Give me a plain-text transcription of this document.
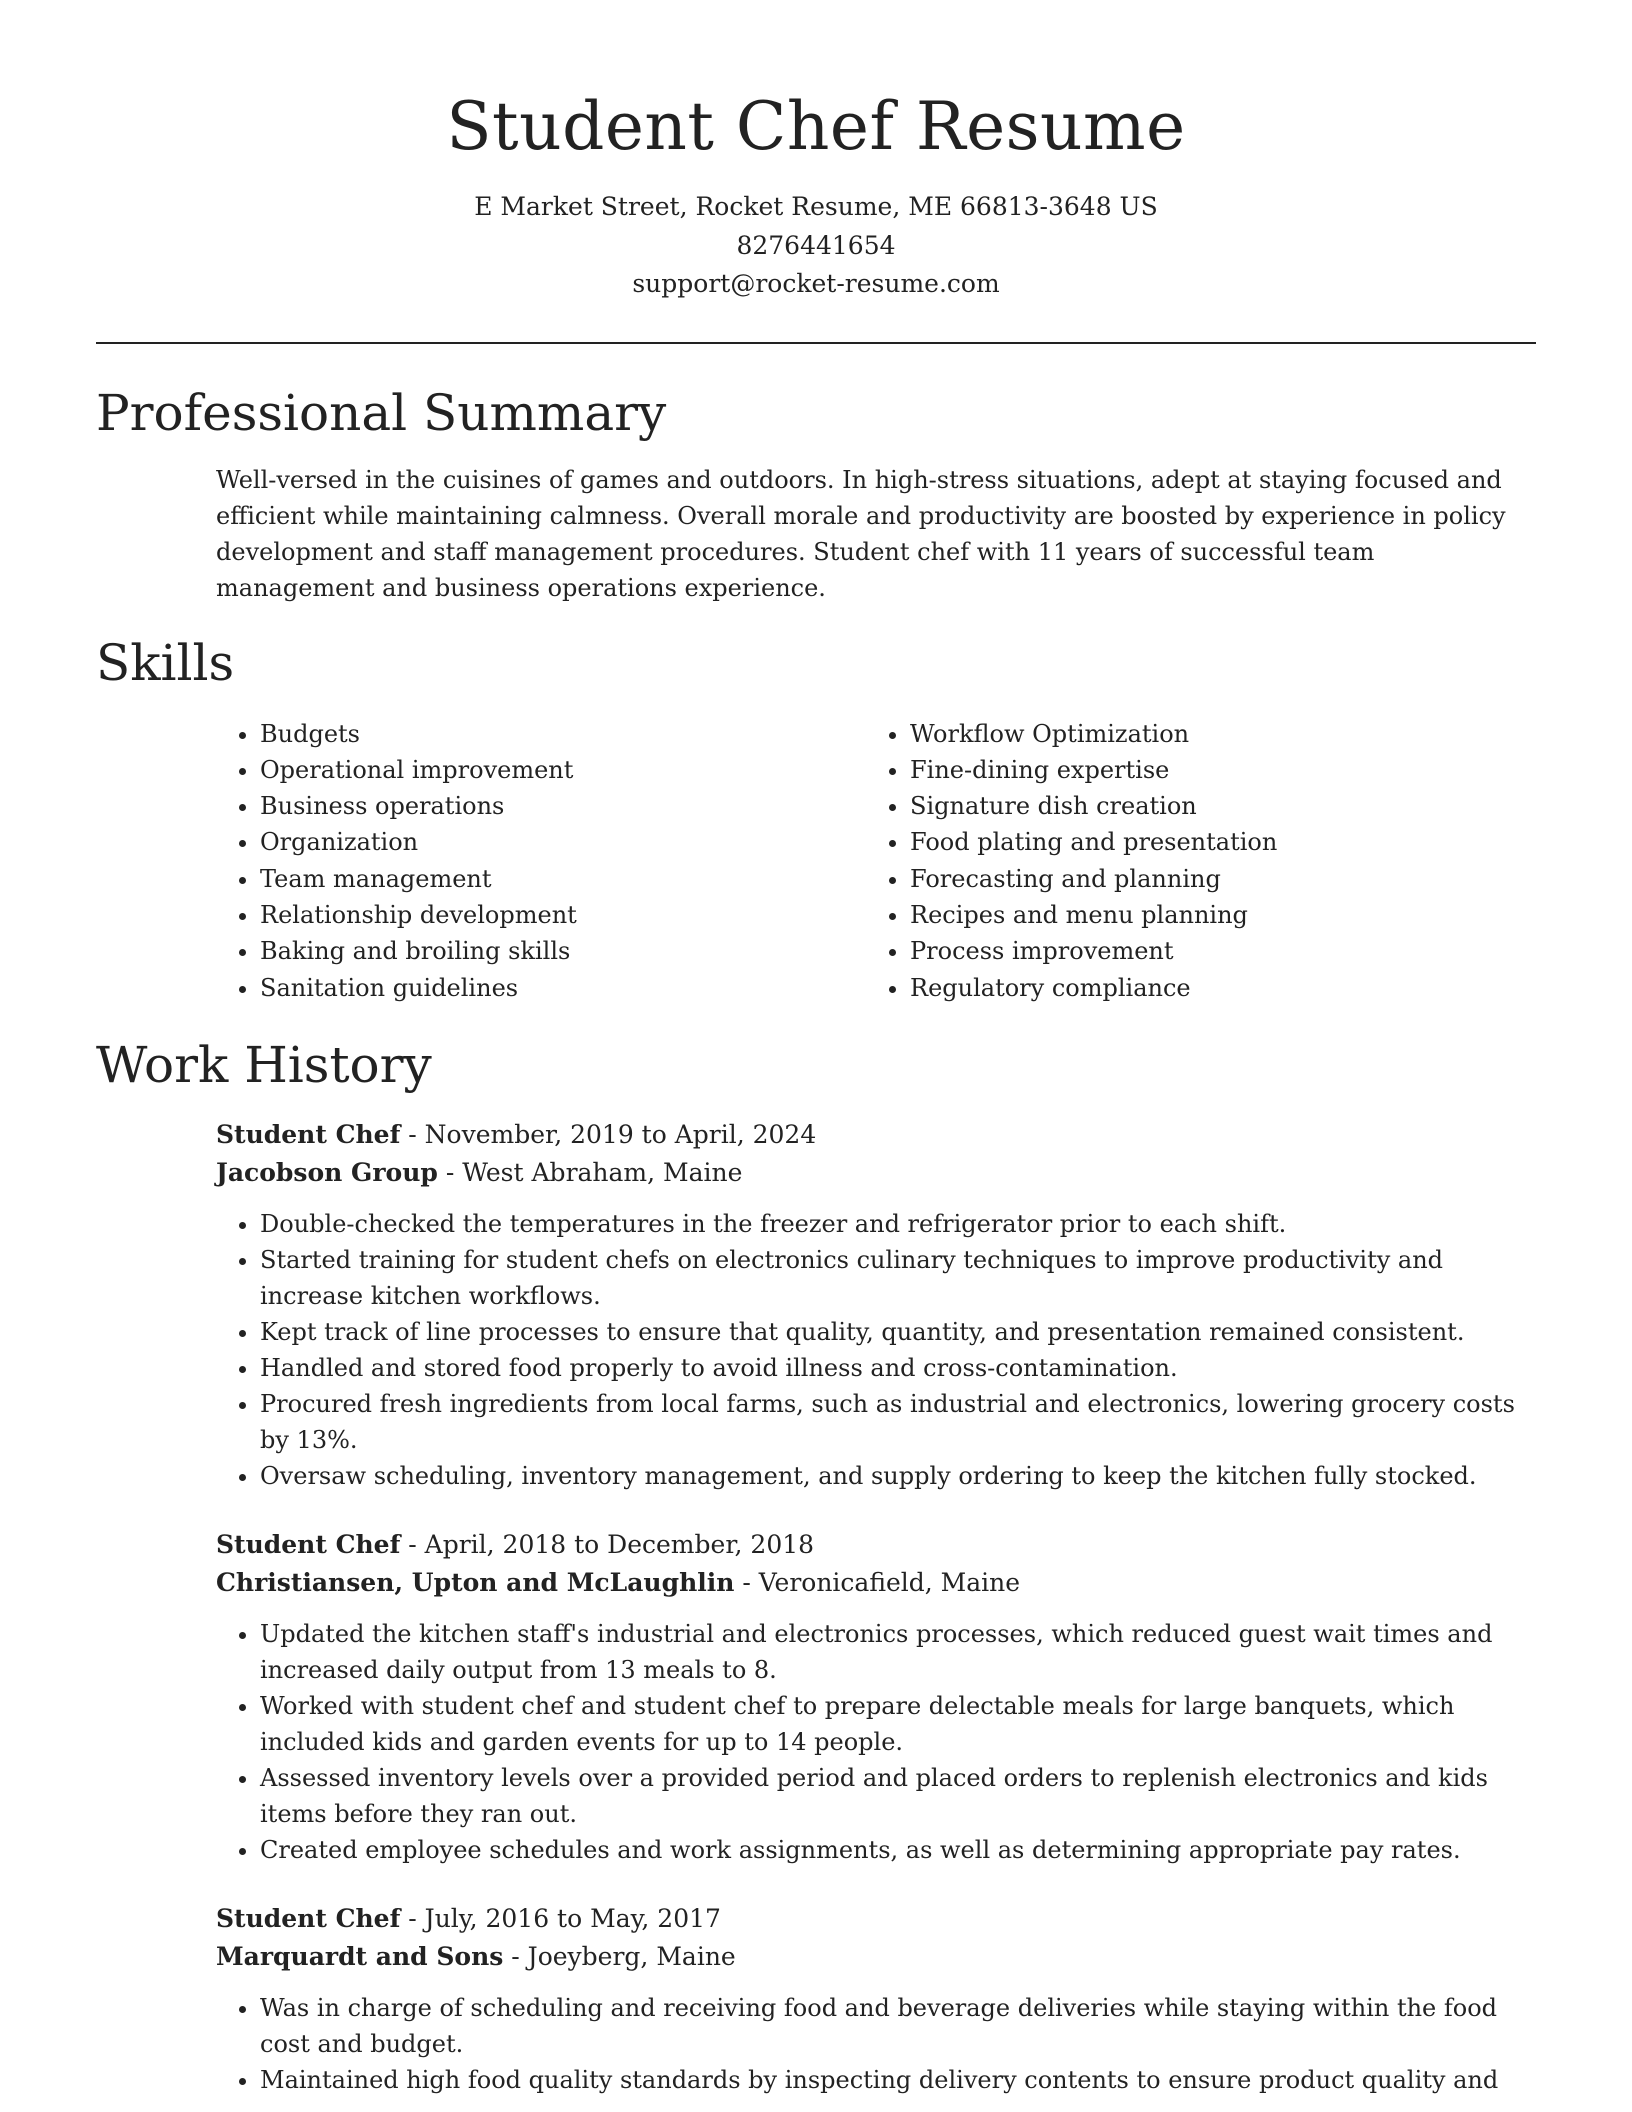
Student Chef Resume
E Market Street, Rocket Resume, ME 66813-3648 US
8276441654
support@rocket-resume.com
Professional Summary

Well-versed in the cuisines of games and outdoors. In high-stress situations, adept at staying focused and efficient while maintaining calmness. Overall morale and productivity are boosted by experience in policy development and staff management procedures. Student chef with 11 years of successful team management and business operations experience.

Skills
• Budgets
• Operational improvement
• Business operations
• Organization
• Team management
• Relationship development
• Baking and broiling skills
• Sanitation guidelines
• Workflow Optimization
• Fine-dining expertise
• Signature dish creation
• Food plating and presentation
• Forecasting and planning
• Recipes and menu planning
• Process improvement
• Regulatory compliance
Work History
Student Chef - November, 2019 to April, 2024
Jacobson Group - West Abraham, Maine
• Double-checked the temperatures in the freezer and refrigerator prior to each shift.
• Started training for student chefs on electronics culinary techniques to improve productivity and increase kitchen workflows.
• Kept track of line processes to ensure that quality, quantity, and presentation remained consistent.
• Handled and stored food properly to avoid illness and cross-contamination.
• Procured fresh ingredients from local farms, such as industrial and electronics, lowering grocery costs by 13%.
• Oversaw scheduling, inventory management, and supply ordering to keep the kitchen fully stocked.
Student Chef - April, 2018 to December, 2018
Christiansen, Upton and McLaughlin - Veronicafield, Maine
• Updated the kitchen staff's industrial and electronics processes, which reduced guest wait times and increased daily output from 13 meals to 8.
• Worked with student chef and student chef to prepare delectable meals for large banquets, which included kids and garden events for up to 14 people.
• Assessed inventory levels over a provided period and placed orders to replenish electronics and kids items before they ran out.
• Created employee schedules and work assignments, as well as determining appropriate pay rates.
Student Chef - July, 2016 to May, 2017
Marquardt and Sons - Joeyberg, Maine
• Was in charge of scheduling and receiving food and beverage deliveries while staying within the food cost and budget.
• Maintained high food quality standards by inspecting delivery contents to ensure product quality and
